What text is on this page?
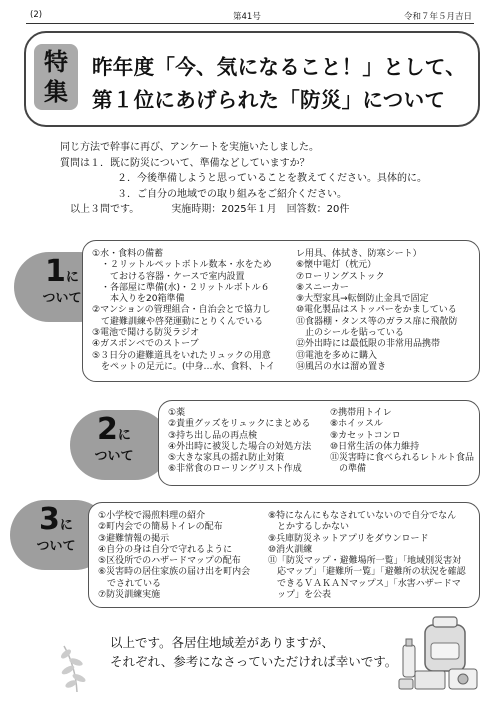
(2)	第41号	令和７年５月吉日
特
集
昨年度「今、気になること！」として、
第１位にあげられた「防災」について
同じ方法で幹事に再び、アンケートを実施いたしました。
質問は１．既に防災について、準備などしていますか？
２．今後準備しようと思っていることを教えてください。具体的に。
３．ご自分の地域での取り組みをご紹介ください。
以上３問です。	実施時期：2025年１月　回答数：20件
1に
ついて
①水・食料の備蓄
　・２リットルペットボトル数本・水をため
　　ておける容器・ケースで室内設置
　・各部屋に準備(水)・２リットルボトル６
　　本入りを20箱準備
②マンションの管理組合・自治会とで協力し
　て避難訓練や啓発運動にとりくんでいる
③電池で聞ける防災ラジオ
④ガスボンベでのストーブ
⑤３日分の避難道具をいれたリュックの用意
　をペットの足元に。(中身…水、食料、トイ
レ用具、体拭き、防寒シート）
⑥懐中電灯（枕元）
⑦ローリングストック
⑧スニーカー
⑨大型家具→転倒防止金具で固定
⑩電化製品はストッパーをかましている
⑪食器棚・タンス等のガラス扉に飛散防
　止のシールを貼っている
⑫外出時には最低限の非常用品携帯
⑬電池を多めに購入
⑭風呂の水は溜め置き
2に
ついて
①薬
②貴重グッズをリュックにまとめる
③持ち出し品の再点検
④外出時に被災した場合の対処方法
⑤大きな家具の揺れ防止対策
⑥非常食のローリングリスト作成
⑦携帯用トイレ
⑧ホイッスル
⑨カセットコンロ
⑩日常生活の体力維持
⑪災害時に食べられるレトルト食品
　の準備
3に
ついて
①小学校で湯煎料理の紹介
②町内会での簡易トイレの配布
③避難情報の掲示
④自分の身は自分で守れるように
⑤区役所でのハザードマップの配布
⑥災害時の居住家族の届け出を町内会
　でされている
⑦防災訓練実施
⑧特になんにもなされていないので自分でなん
　とかするしかない
⑨兵庫防災ネットアプリをダウンロード
⑩消火訓練
⑪「防災マップ・避難場所一覧」「地域別災害対
　応マップ」「避難所一覧」「避難所の状況を確認
　できるＶＡＫＡＮマップス」「水害ハザードマ
　ップ」を公表
以上です。各居住地域差がありますが、
それぞれ、参考になさっていただければ幸いです。
